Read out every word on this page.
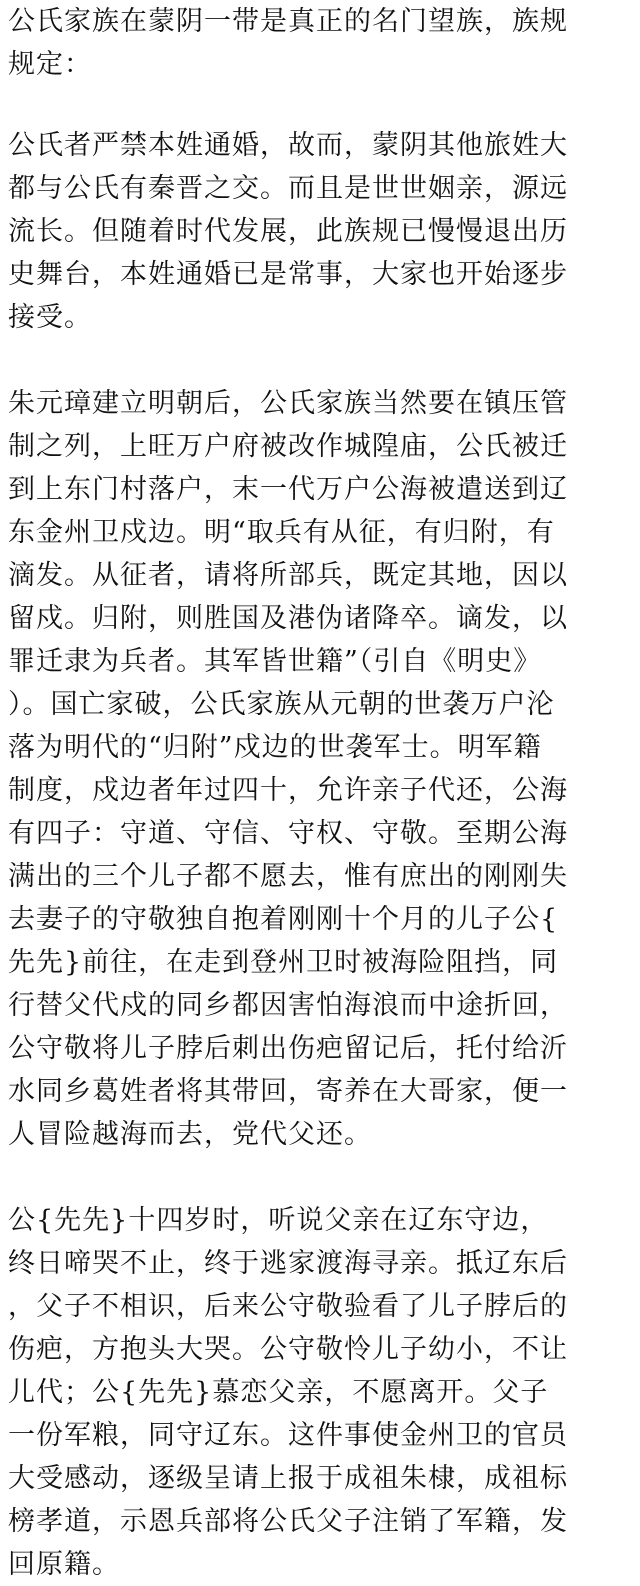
公氏家族在蒙阴一带是真正的名门望族，族规
规定：
公氏者严禁本姓通婚，故而，蒙阴其他旅姓大
都与公氏有秦晋之交。而且是世世姻亲，源远
流长。但随着时代发展，此族规已慢慢退出历
史舞台，本姓通婚已是常事，大家也开始逐步
接受。
朱元璋建立明朝后，公氏家族当然要在镇压管
制之列，上旺万户府被改作城隍庙，公氏被迁
到上东门村落户，末一代万户公海被遣送到辽
东金州卫戍边。明“取兵有从征，有归附，有
滴发。从征者，请将所部兵，既定其地，因以
留戍。归附，则胜国及港伪诸降卒。谪发，以
罪迁隶为兵者。其军皆世籍”（引自《明史》
）。国亡家破，公氏家族从元朝的世袭万户沦
落为明代的“归附”戍边的世袭军士。明军籍
制度，戍边者年过四十，允许亲子代还，公海
有四子：守道、守信、守权、守敬。至期公海
满出的三个儿子都不愿去，惟有庶出的刚刚失
去妻子的守敬独自抱着刚刚十个月的儿子公{
先先}前往，在走到登州卫时被海险阻挡，同
行替父代戍的同乡都因害怕海浪而中途折回，
公守敬将儿子脖后刺出伤疤留记后，托付给沂
水同乡葛姓者将其带回，寄养在大哥家，便一
人冒险越海而去，党代父还。
公{先先}十四岁时，听说父亲在辽东守边，
终日啼哭不止，终于逃家渡海寻亲。抵辽东后
，父子不相识，后来公守敬验看了儿子脖后的
伤疤，方抱头大哭。公守敬怜儿子幼小，不让
儿代；公{先先}慕恋父亲，不愿离开。父子
一份军粮，同守辽东。这件事使金州卫的官员
大受感动，逐级呈请上报于成祖朱棣，成祖标
榜孝道，示恩兵部将公氏父子注销了军籍，发
回原籍。
